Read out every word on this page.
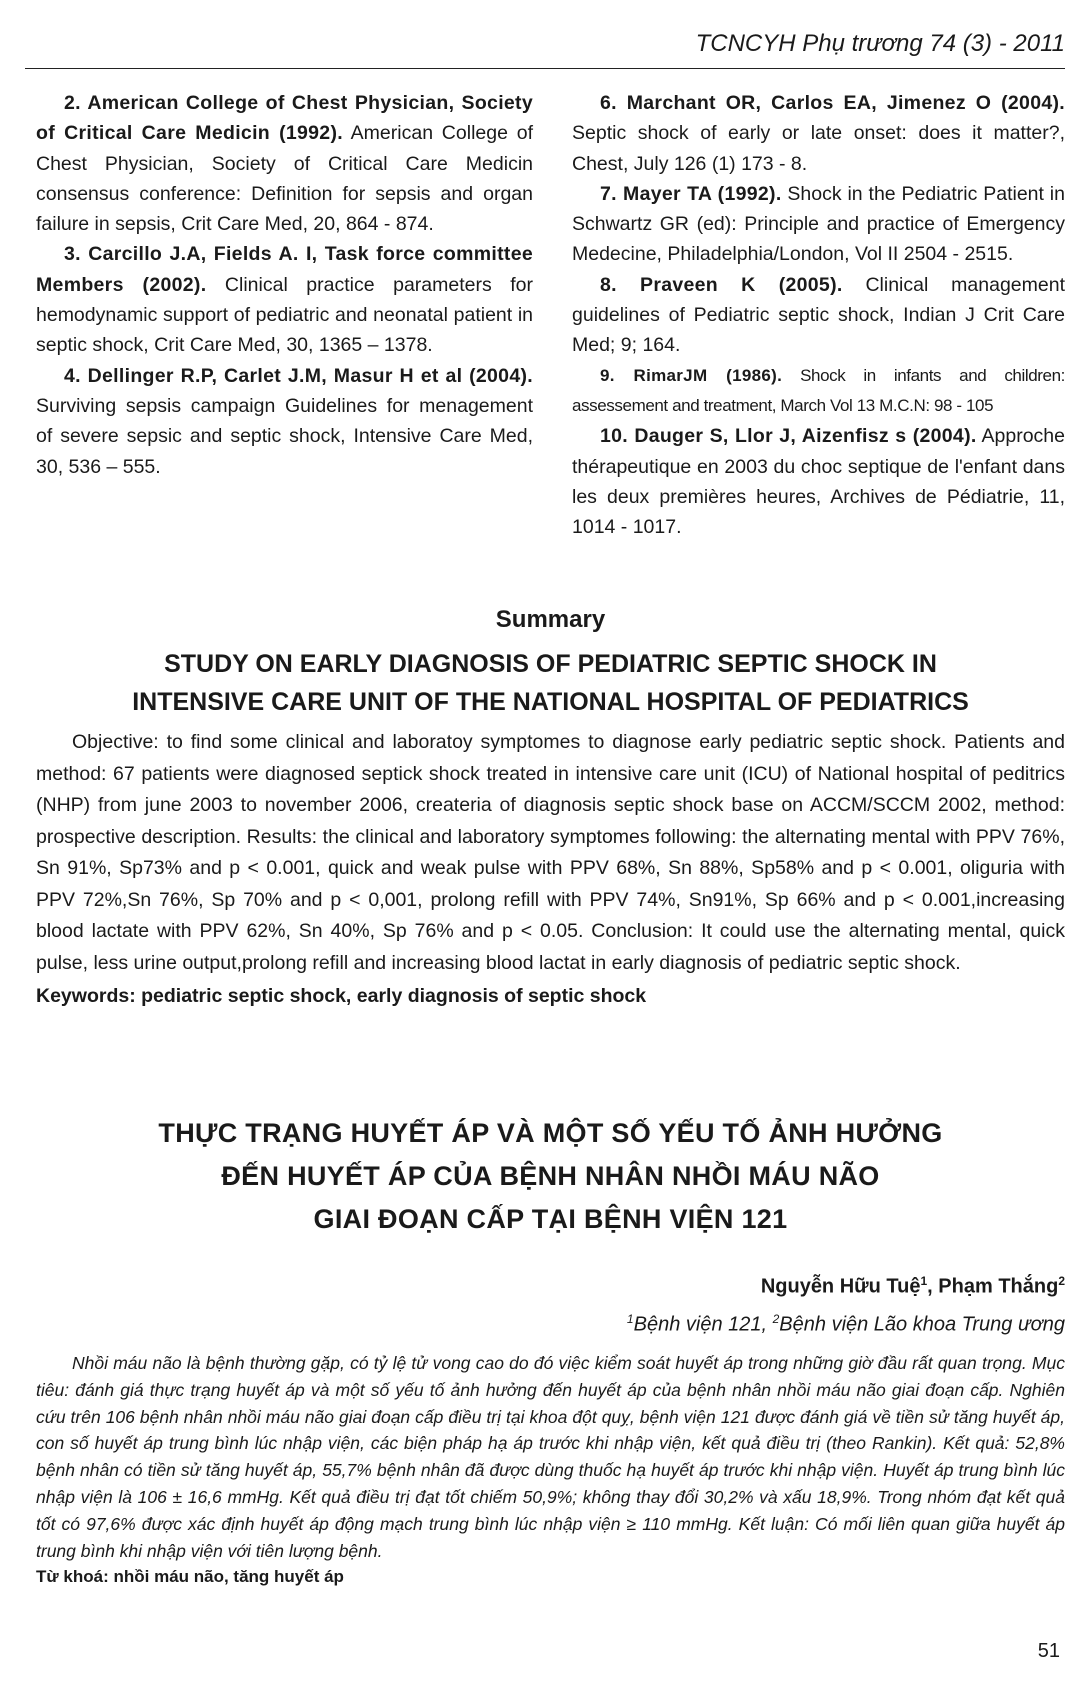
TCNCYH Phụ trương 74 (3) - 2011

2. American College of Chest Physician, Society of Critical Care Medicin (1992). American College of Chest Physician, Society of Critical Care Medicin consensus conference: Definition for sepsis and organ failure in sepsis, Crit Care Med, 20, 864 - 874.

3. Carcillo J.A, Fields A. I, Task force committee Members (2002). Clinical practice parameters for hemodynamic support of pediatric and neonatal patient in septic shock, Crit Care Med, 30, 1365 – 1378.

4. Dellinger R.P, Carlet J.M, Masur H et al (2004). Surviving sepsis campaign Guidelines for menagement of severe sepsic and septic shock, Intensive Care Med, 30, 536 – 555.

6. Marchant OR, Carlos EA, Jimenez O (2004). Septic shock of early or late onset: does it matter?, Chest, July 126 (1) 173 - 8.

7. Mayer TA (1992). Shock in the Pediatric Patient in Schwartz GR (ed): Principle and practice of Emergency Medecine, Philadelphia/London, Vol II 2504 - 2515.

8. Praveen K (2005). Clinical management guidelines of Pediatric septic shock, Indian J Crit Care Med; 9; 164.

9. RimarJM (1986). Shock in infants and children: assessement and treatment, March Vol 13 M.C.N: 98 - 105

10. Dauger S, Llor J, Aizenfisz s (2004). Approche thérapeutique en 2003 du choc septique de l'enfant dans les deux premières heures, Archives de Pédiatrie, 11, 1014 - 1017.

Summary
STUDY ON EARLY DIAGNOSIS OF PEDIATRIC SEPTIC SHOCK IN
INTENSIVE CARE UNIT OF THE NATIONAL HOSPITAL OF PEDIATRICS

Objective: to find some clinical and laboratoy symptomes to diagnose early pediatric septic shock. Patients and method: 67 patients were diagnosed septick shock treated in intensive care unit (ICU) of National hospital of peditrics (NHP) from june 2003 to november 2006, createria of diagnosis septic shock base on ACCM/SCCM 2002, method: prospective description. Results: the clinical and laboratory symptomes following: the alternating mental with PPV 76%, Sn 91%, Sp73% and p < 0.001, quick and weak pulse with PPV 68%, Sn 88%, Sp58% and p < 0.001, oliguria with PPV 72%,Sn 76%, Sp 70% and p < 0,001, prolong refill with PPV 74%, Sn91%, Sp 66% and p < 0.001,increasing blood lactate with PPV 62%, Sn 40%, Sp 76% and p < 0.05. Conclusion: It could use the alternating mental, quick pulse, less urine output,prolong refill and increasing blood lactat in early diagnosis of pediatric septic shock.

Keywords: pediatric septic shock, early diagnosis of septic shock

THỰC TRẠNG HUYẾT ÁP VÀ MỘT SỐ YẾU TỐ ẢNH HƯỞNG
ĐẾN HUYẾT ÁP CỦA BỆNH NHÂN NHỒI MÁU NÃO
GIAI ĐOẠN CẤP TẠI BỆNH VIỆN 121
Nguyễn Hữu Tuệ$^1$, Phạm Thắng$^2$
$^1$Bệnh viện 121, $^2$Bệnh viện Lão khoa Trung ương

Nhồi máu não là bệnh thường gặp, có tỷ lệ tử vong cao do đó việc kiểm soát huyết áp trong những giờ đầu rất quan trọng. Mục tiêu: đánh giá thực trạng huyết áp và một số yếu tố ảnh hưởng đến huyết áp của bệnh nhân nhồi máu não giai đoạn cấp. Nghiên cứu trên 106 bệnh nhân nhồi máu não giai đoạn cấp điều trị tại khoa đột quỵ, bệnh viện 121 được đánh giá về tiền sử tăng huyết áp, con số huyết áp trung bình lúc nhập viện, các biện pháp hạ áp trước khi nhập viện, kết quả điều trị (theo Rankin). Kết quả: 52,8% bệnh nhân có tiền sử tăng huyết áp, 55,7% bệnh nhân đã được dùng thuốc hạ huyết áp trước khi nhập viện. Huyết áp trung bình lúc nhập viện là 106 ± 16,6 mmHg. Kết quả điều trị đạt tốt chiếm 50,9%; không thay đổi 30,2% và xấu 18,9%. Trong nhóm đạt kết quả tốt có 97,6% được xác định huyết áp động mạch trung bình lúc nhập viện ≥ 110 mmHg. Kết luận: Có mối liên quan giữa huyết áp trung bình khi nhập viện với tiên lượng bệnh.

Từ khoá: nhồi máu não, tăng huyết áp

51
